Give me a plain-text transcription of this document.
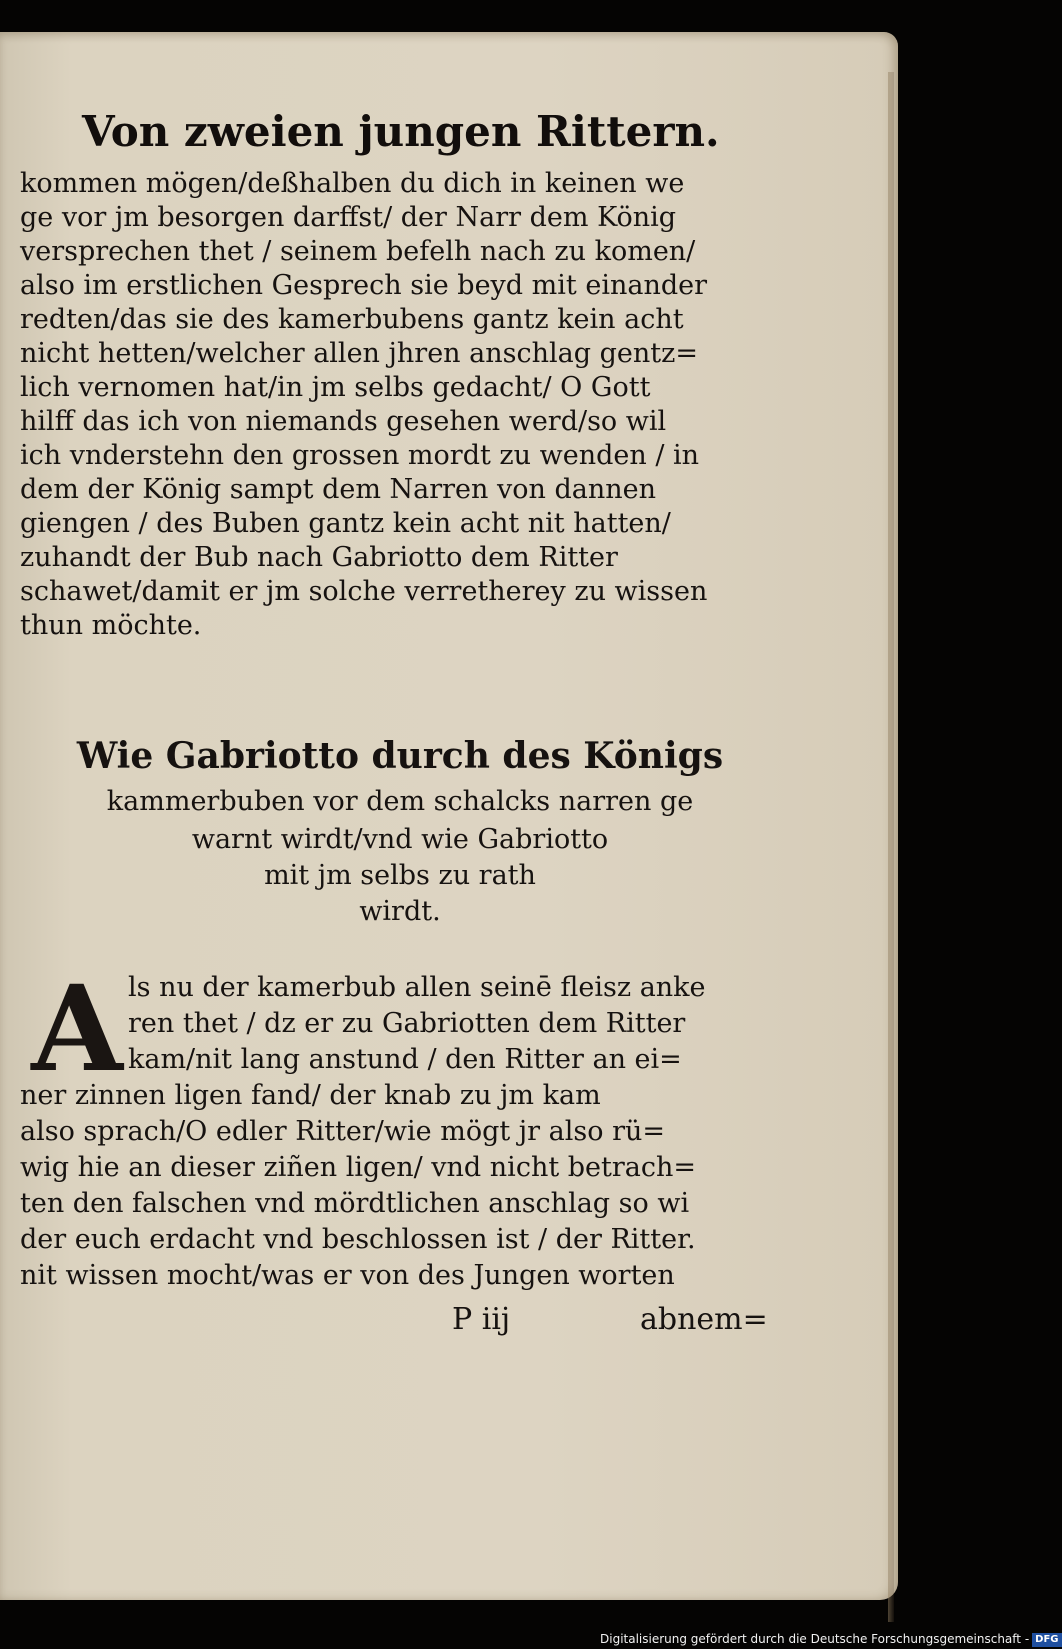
Von zweien jungen Rittern.
kommen mögen/deßhalben du dich in keinen we
ge vor jm besorgen darffst/ der Narr dem König
versprechen thet / seinem befelh nach zu komen/
also im erstlichen Gesprech sie beyd mit einander
redten/das sie des kamerbubens gantz kein acht
nicht hetten/welcher allen jhren anschlag gentz=
lich vernomen hat/in jm selbs gedacht/ O Gott
hilff das ich von niemands gesehen werd/so wil
ich vnderstehn den grossen mordt zu wenden / in
dem der König sampt dem Narren von dannen
giengen / des Buben gantz kein acht nit hatten/
zuhandt der Bub nach Gabriotto dem Ritter
schawet/damit er jm solche verretherey zu wissen
thun möchte.
Wie Gabriotto durch des Königs
kammerbuben vor dem schalcks narren ge
warnt wirdt/vnd wie Gabriotto
mit jm selbs zu rath
wirdt.
A ls nu der kamerbub allen seinē fleisz anke
ren thet / dz er zu Gabriotten dem Ritter
kam/nit lang anstund / den Ritter an ei=
ner zinnen ligen fand/ der knab zu jm kam
also sprach/O edler Ritter/wie mögt jr also rü=
wig hie an dieser ziñen ligen/ vnd nicht betrach=
ten den falschen vnd mördtlichen anschlag so wi
der euch erdacht vnd beschlossen ist / der Ritter.
nit wissen mocht/was er von des Jungen worten
P iij	abnem=
Digitalisierung gefördert durch die Deutsche Forschungsgemeinschaft - DFG
